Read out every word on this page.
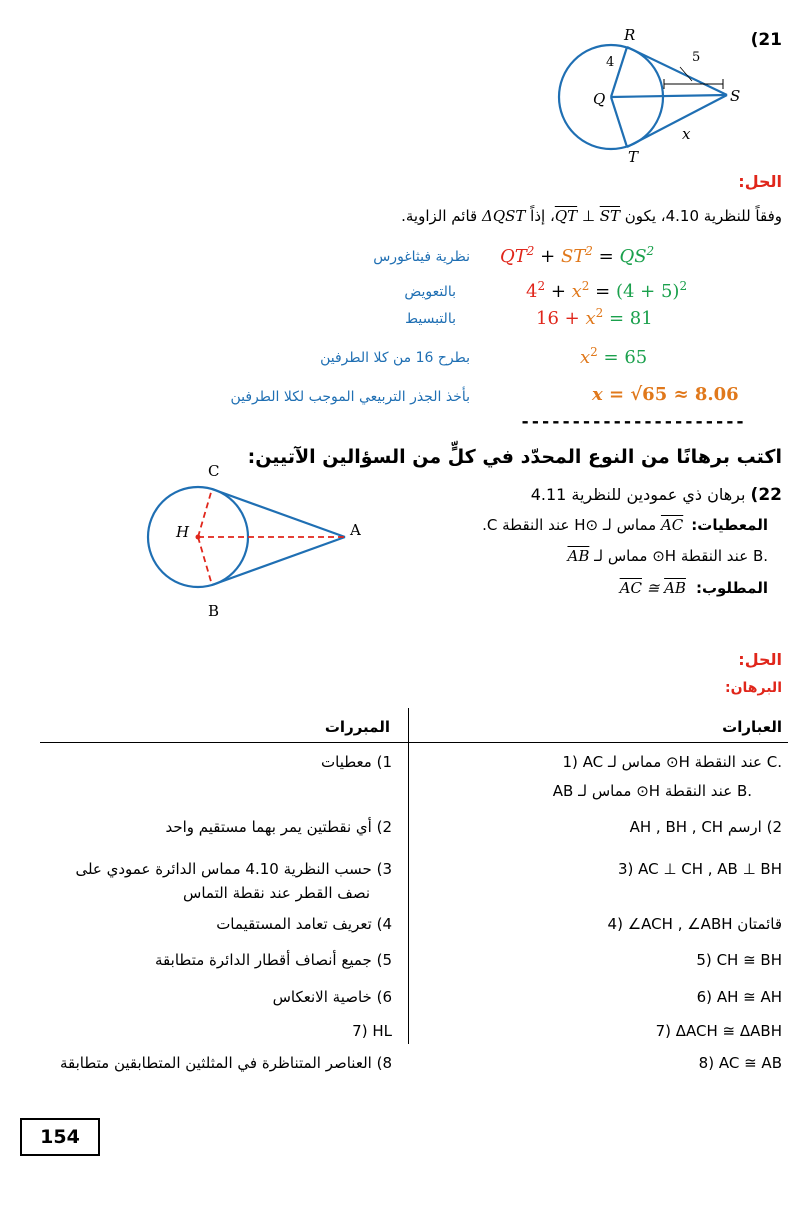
(21
R
4	5
Q	S
x
T
الحل:
وفقاً للنظرية 4.10، يكون QT ⊥ ST، إذاً ΔQST قائم الزاوية.
$QT^2 + ST^2 = QS^2$
نظرية فيثاغورس
$4^2 + x^2 = (4 + 5)^2$
بالتعويض
$16 + x^2 = 81$
بالتبسيط
$x^2 = 65$
بطرح 16 من كلا الطرفين
x = √65 ≈ 8.06
بأخذ الجذر التربيعي الموجب لكلا الطرفين
----------------------
اكتب برهانًا من النوع المحدّد في كلٍّ من السؤالين الآتيين:
22) برهان ذي عمودين للنظرية 4.11
المعطيات:AC مماس لـ ⊙H عند النقطة C.
AB مماس لـ ⊙H عند النقطة B.
$المطلوب:\overline{AC}$ ≅ AB
C
H	A
B
الحل:
البرهان:
العبارات
المبررات
1) AC مماس لـ ⊙H عند النقطة C.
AB مماس لـ ⊙H عند النقطة B.
1) معطيات
2) ارسم AH , BH , CH
2) أي نقطتين يمر بهما مستقيم واحد
3) AC ⊥ CH , AB ⊥ BH
3) حسب النظرية 4.10 مماس الدائرة عمودي على
نصف القطر عند نقطة التماس
4) ∠ACH , ∠ABH قائمتان
4) تعريف تعامد المستقيمات
5) CH ≅ BH
5) جميع أنصاف أقطار الدائرة متطابقة
6) AH ≅ AH
6) خاصية الانعكاس
7) ΔACH ≅ ΔABH
7) HL
8) AC ≅ AB
8) العناصر المتناظرة في المثلثين المتطابقين متطابقة
154
